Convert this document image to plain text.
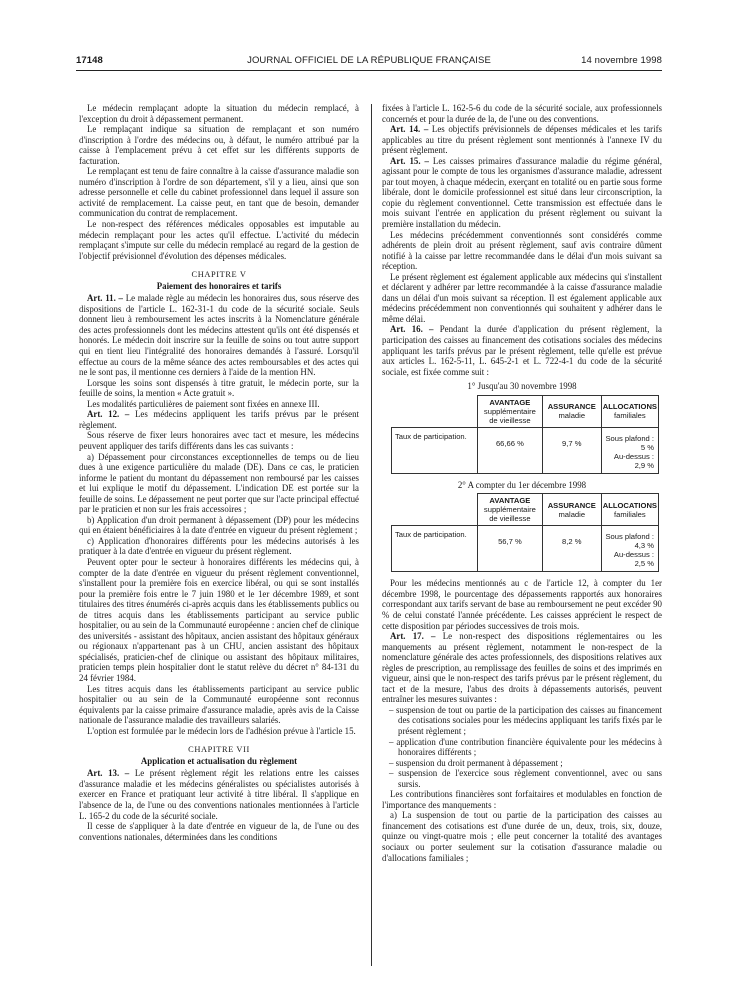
17148	JOURNAL OFFICIEL DE LA RÉPUBLIQUE FRANÇAISE	14 novembre 1998

Le médecin remplaçant adopte la situation du médecin remplacé, à l'exception du droit à dépassement permanent.

Le remplaçant indique sa situation de remplaçant et son numéro d'inscription à l'ordre des médecins ou, à défaut, le numéro attribué par la caisse à l'emplacement prévu à cet effet sur les différents supports de facturation.

Le remplaçant est tenu de faire connaître à la caisse d'assurance maladie son numéro d'inscription à l'ordre de son département, s'il y a lieu, ainsi que son adresse personnelle et celle du cabinet professionnel dans lequel il assure son activité de remplacement. La caisse peut, en tant que de besoin, demander communication du contrat de remplacement.

Le non-respect des références médicales opposables est imputable au médecin remplaçant pour les actes qu'il effectue. L'activité du médecin remplaçant s'impute sur celle du médecin remplacé au regard de la gestion de l'objectif prévisionnel d'évolution des dépenses médicales.

CHAPITRE V

Paiement des honoraires et tarifs

Art. 11. – Le malade règle au médecin les honoraires dus, sous réserve des dispositions de l'article L. 162-31-1 du code de la sécurité sociale. Seuls donnent lieu à remboursement les actes inscrits à la Nomenclature générale des actes professionnels dont les médecins attestent qu'ils ont été dispensés et honorés. Le médecin doit inscrire sur la feuille de soins ou tout autre support qui en tient lieu l'intégralité des honoraires demandés à l'assuré. Lorsqu'il effectue au cours de la même séance des actes remboursables et des actes qui ne le sont pas, il mentionne ces derniers à l'aide de la mention HN.

Lorsque les soins sont dispensés à titre gratuit, le médecin porte, sur la feuille de soins, la mention « Acte gratuit ».

Les modalités particulières de paiement sont fixées en annexe III.

Art. 12. – Les médecins appliquent les tarifs prévus par le présent règlement.

Sous réserve de fixer leurs honoraires avec tact et mesure, les médecins peuvent appliquer des tarifs différents dans les cas suivants :

a) Dépassement pour circonstances exceptionnelles de temps ou de lieu dues à une exigence particulière du malade (DE). Dans ce cas, le praticien informe le patient du montant du dépassement non remboursé par les caisses et lui explique le motif du dépassement. L'indication DE est portée sur la feuille de soins. Le dépassement ne peut porter que sur l'acte principal effectué par le praticien et non sur les frais accessoires ;

b) Application d'un droit permanent à dépassement (DP) pour les médecins qui en étaient bénéficiaires à la date d'entrée en vigueur du présent règlement ;

c) Application d'honoraires différents pour les médecins autorisés à les pratiquer à la date d'entrée en vigueur du présent règlement.

Peuvent opter pour le secteur à honoraires différents les médecins qui, à compter de la date d'entrée en vigueur du présent règlement conventionnel, s'installent pour la première fois en exercice libéral, ou qui se sont installés pour la première fois entre le 7 juin 1980 et le 1er décembre 1989, et sont titulaires des titres énumérés ci-après acquis dans les établissements publics ou de titres acquis dans les établissements participant au service public hospitalier, ou au sein de la Communauté européenne : ancien chef de clinique des universités - assistant des hôpitaux, ancien assistant des hôpitaux généraux ou régionaux n'appartenant pas à un CHU, ancien assistant des hôpitaux spécialisés, praticien-chef de clinique ou assistant des hôpitaux militaires, praticien temps plein hospitalier dont le statut relève du décret n° 84-131 du 24 février 1984.

Les titres acquis dans les établissements participant au service public hospitalier ou au sein de la Communauté européenne sont reconnus équivalents par la caisse primaire d'assurance maladie, après avis de la Caisse nationale de l'assurance maladie des travailleurs salariés.

L'option est formulée par le médecin lors de l'adhésion prévue à l'article 15.

CHAPITRE VII

Application et actualisation du règlement

Art. 13. – Le présent règlement régit les relations entre les caisses d'assurance maladie et les médecins généralistes ou spécialistes autorisés à exercer en France et pratiquant leur activité à titre libéral. Il s'applique en l'absence de la, de l'une ou des conventions nationales mentionnées à l'article L. 165-2 du code de la sécurité sociale.

Il cesse de s'appliquer à la date d'entrée en vigueur de la, de l'une ou des conventions nationales, déterminées dans les conditions

fixées à l'article L. 162-5-6 du code de la sécurité sociale, aux professionnels concernés et pour la durée de la, de l'une ou des conventions.

Art. 14. – Les objectifs prévisionnels de dépenses médicales et les tarifs applicables au titre du présent règlement sont mentionnés à l'annexe IV du présent règlement.

Art. 15. – Les caisses primaires d'assurance maladie du régime général, agissant pour le compte de tous les organismes d'assurance maladie, adressent par tout moyen, à chaque médecin, exerçant en totalité ou en partie sous forme libérale, dont le domicile professionnel est situé dans leur circonscription, la copie du règlement conventionnel. Cette transmission est effectuée dans le mois suivant l'entrée en application du présent règlement ou suivant la première installation du médecin.

Les médecins précédemment conventionnés sont considérés comme adhérents de plein droit au présent règlement, sauf avis contraire dûment notifié à la caisse par lettre recommandée dans le délai d'un mois suivant sa réception.

Le présent règlement est également applicable aux médecins qui s'installent et déclarent y adhérer par lettre recommandée à la caisse d'assurance maladie dans un délai d'un mois suivant sa réception. Il est également applicable aux médecins précédemment non conventionnés qui souhaitent y adhérer dans le même délai.

Art. 16. – Pendant la durée d'application du présent règlement, la participation des caisses au financement des cotisations sociales des médecins appliquant les tarifs prévus par le présent règlement, telle qu'elle est prévue aux articles L. 162-5-11, L. 645-2-1 et L. 722-4-1 du code de la sécurité sociale, est fixée comme suit :

1° Jusqu'au 30 novembre 1998

	AVANTAGE
supplémentaire de vieillesse	ASSURANCE
maladie	ALLOCATIONS
familiales

Taux de participation.	66,66 %	9,7 %	Sous plafond :
5 %
Au-dessus :
2,9 %

2° A compter du 1er décembre 1998

	AVANTAGE
supplémentaire de vieillesse	ASSURANCE
maladie	ALLOCATIONS
familiales

Taux de participation.	56,7 %	8,2 %	Sous plafond :
4,3 %
Au-dessus :
2,5 %

Pour les médecins mentionnés au c de l'article 12, à compter du 1er décembre 1998, le pourcentage des dépassements rapportés aux honoraires correspondant aux tarifs servant de base au remboursement ne peut excéder 90 % de celui constaté l'année précédente. Les caisses apprécient le respect de cette disposition par périodes successives de trois mois.

Art. 17. – Le non-respect des dispositions réglementaires ou les manquements au présent règlement, notamment le non-respect de la nomenclature générale des actes professionnels, des dispositions relatives aux règles de prescription, au remplissage des feuilles de soins et des imprimés en vigueur, ainsi que le non-respect des tarifs prévus par le présent règlement, du tact et de la mesure, l'abus des droits à dépassements autorisés, peuvent entraîner les mesures suivantes :

– suspension de tout ou partie de la participation des caisses au financement des cotisations sociales pour les médecins appliquant les tarifs fixés par le présent règlement ;
– application d'une contribution financière équivalente pour les médecins à honoraires différents ;
– suspension du droit permanent à dépassement ;
– suspension de l'exercice sous règlement conventionnel, avec ou sans sursis.

Les contributions financières sont forfaitaires et modulables en fonction de l'importance des manquements :

a) La suspension de tout ou partie de la participation des caisses au financement des cotisations est d'une durée de un, deux, trois, six, douze, quinze ou vingt-quatre mois ; elle peut concerner la totalité des avantages sociaux ou porter seulement sur la cotisation d'assurance maladie ou d'allocations familiales ;
